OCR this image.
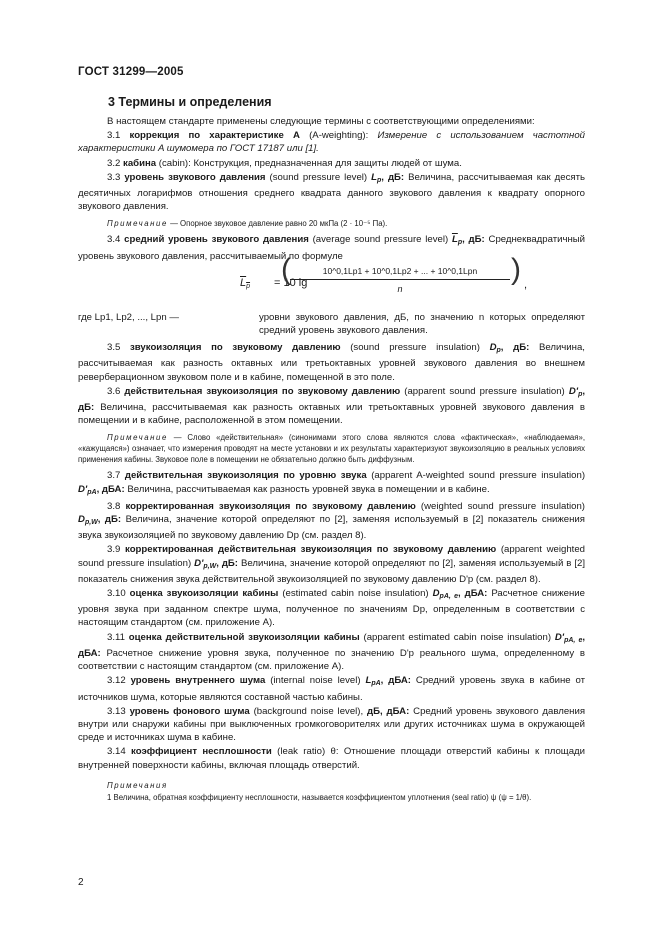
ГОСТ 31299—2005
3 Термины и определения

В настоящем стандарте применены следующие термины с соответствующими определениями:

3.1 коррекция по характеристике A (A-weighting): Измерение с использованием частотной характеристики A шумомера по ГОСТ 17187 или [1].

3.2 кабина (cabin): Конструкция, предназначенная для защиты людей от шума.

3.3 уровень звукового давления (sound pressure level) $L_p$, дБ: Величина, рассчитываемая как десять десятичных логарифмов отношения среднего квадрата данного звукового давления к квадрату опорного звукового давления.

Примечание — Опорное звуковое давление равно 20 мкПа (2 · 10⁻⁵ Па).

3.4 средний уровень звукового давления (average sound pressure level) $\overline{L}_p$, дБ: Среднеквадратичный уровень звукового давления, рассчитываемый по формуле

$L_p = 10$ lg
(	10^0,1Lp1 + 10^0,1Lp2 + ... + 10^0,1Lpn
n
) ,
где Lp1, Lp2, ..., Lpn —	уровни звукового давления, дБ, по значению n которых определяют средний уровень звукового давления.

3.5 звукоизоляция по звуковому давлению (sound pressure insulation) $D_p$, дБ: Величина, рассчитываемая как разность октавных или третьоктавных уровней звукового давления во внешнем реверберационном звуковом поле и в кабине, помещенной в это поле.

3.6 действительная звукоизоляция по звуковому давлению (apparent sound pressure insulation) $D'_p$, дБ: Величина, рассчитываемая как разность октавных или третьоктавных уровней звукового давления в помещении и в кабине, расположенной в этом помещении.

Примечание — Слово «действительная» (синонимами этого слова являются слова «фактическая», «наблюдаемая», «кажущаяся») означает, что измерения проводят на месте установки и их результаты характеризуют звукоизоляцию в реальных условиях применения кабины. Звуковое поле в помещении не обязательно должно быть диффузным.

3.7 действительная звукоизоляция по уровню звука (apparent A-weighted sound pressure insulation) $D'_{pA}$, дБА: Величина, рассчитываемая как разность уровней звука в помещении и в кабине.

3.8 корректированная звукоизоляция по звуковому давлению (weighted sound pressure insulation) $D_{p,W}$, дБ: Величина, значение которой определяют по [2], заменяя используемый в [2] показатель снижения звука звукоизоляцией по звуковому давлению Dp (см. раздел 8).

3.9 корректированная действительная звукоизоляция по звуковому давлению (apparent weighted sound pressure insulation) $D'_{p,W}$, дБ: Величина, значение которой определяют по [2], заменяя используемый в [2] показатель снижения звука действительной звукоизоляцией по звуковому давлению D'p (см. раздел 8).

3.10 оценка звукоизоляции кабины (estimated cabin noise insulation) $D_{pA, e}$, дБА: Расчетное снижение уровня звука при заданном спектре шума, полученное по значениям Dp, определенным в соответствии с настоящим стандартом (см. приложение А).

3.11 оценка действительной звукоизоляции кабины (apparent estimated cabin noise insulation) $D'_{pA, e}$, дБА: Расчетное снижение уровня звука, полученное по значению D'p реального шума, определенному в соответствии с настоящим стандартом (см. приложение А).

3.12 уровень внутреннего шума (internal noise level) $L_{pA}$, дБА: Средний уровень звука в кабине от источников шума, которые являются составной частью кабины.

3.13 уровень фонового шума (background noise level), дБ, дБА: Средний уровень звукового давления внутри или снаружи кабины при выключенных громкоговорителях или других источниках шума в окружающей среде и источниках шума в кабине.

3.14 коэффициент несплошности (leak ratio) θ: Отношение площади отверстий кабины к площади внутренней поверхности кабины, включая площадь отверстий.

Примечания

1 Величина, обратная коэффициенту несплошности, называется коэффициентом уплотнения (seal ratio) ψ (ψ = 1/θ).

2
